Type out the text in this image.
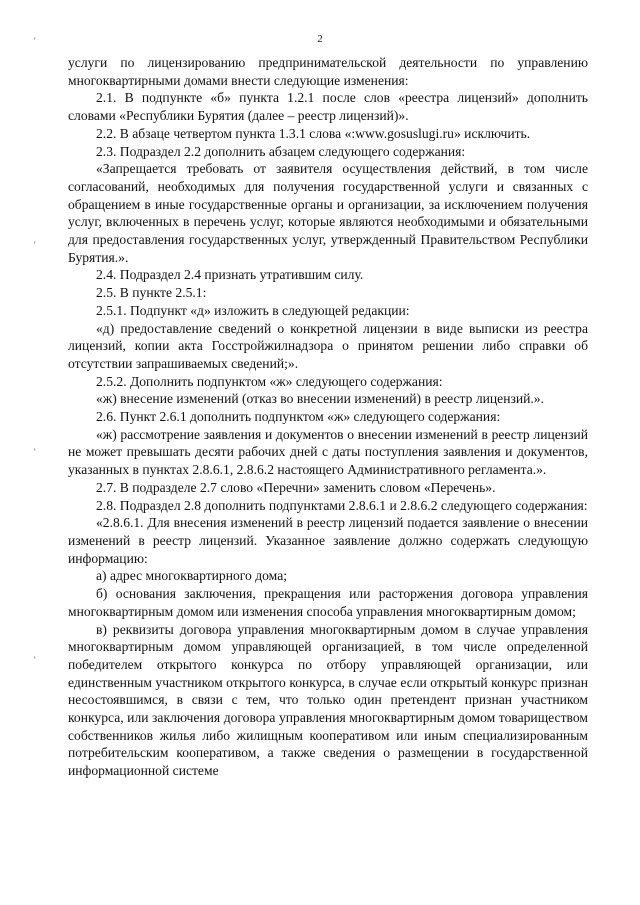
2
'
'
'
'

услуги по лицензированию предпринимательской деятельности по управлению многоквартирными домами внести следующие изменения:

2.1. В подпункте «б» пункта 1.2.1 после слов «реестра лицензий» дополнить словами «Республики Бурятия (далее – реестр лицензий)».

2.2. В абзаце четвертом пункта 1.3.1 слова «:www.gosuslugi.ru» исключить.

2.3. Подраздел 2.2 дополнить абзацем следующего содержания:

«Запрещается требовать от заявителя осуществления действий, в том числе согласований, необходимых для получения государственной услуги и связанных с обращением в иные государственные органы и организации, за исключением получения услуг, включенных в перечень услуг, которые являются необходимыми и обязательными для предоставления государственных услуг, утвержденный Правительством Республики Бурятия.».

2.4. Подраздел 2.4 признать утратившим силу.

2.5. В пункте 2.5.1:

2.5.1. Подпункт «д» изложить в следующей редакции:

«д) предоставление сведений о конкретной лицензии в виде выписки из реестра лицензий, копии акта Госстройжилнадзора о принятом решении либо справки об отсутствии запрашиваемых сведений;».

2.5.2. Дополнить подпунктом «ж» следующего содержания:

«ж) внесение изменений (отказ во внесении изменений) в реестр лицензий.».

2.6. Пункт 2.6.1 дополнить подпунктом «ж» следующего содержания:

«ж) рассмотрение заявления и документов о внесении изменений в реестр лицензий не может превышать десяти рабочих дней с даты поступления заявления и документов, указанных в пунктах 2.8.6.1, 2.8.6.2 настоящего Административного регламента.».

2.7. В подразделе 2.7 слово «Перечни» заменить словом «Перечень».

2.8. Подраздел 2.8 дополнить подпунктами 2.8.6.1 и 2.8.6.2 следующего содержания:

«2.8.6.1. Для внесения изменений в реестр лицензий подается заявление о внесении изменений в реестр лицензий. Указанное заявление должно содержать следующую информацию:

а) адрес многоквартирного дома;

б) основания заключения, прекращения или расторжения договора управления многоквартирным домом или изменения способа управления многоквартирным домом;

в) реквизиты договора управления многоквартирным домом в случае управления многоквартирным домом управляющей организацией, в том числе определенной победителем открытого конкурса по отбору управляющей организации, или единственным участником открытого конкурса, в случае если открытый конкурс признан несостоявшимся, в связи с тем, что только один претендент признан участником конкурса, или заключения договора управления многоквартирным домом товариществом собственников жилья либо жилищным кооперативом или иным специализированным потребительским кооперативом, а также сведения о размещении в государственной информационной системе
